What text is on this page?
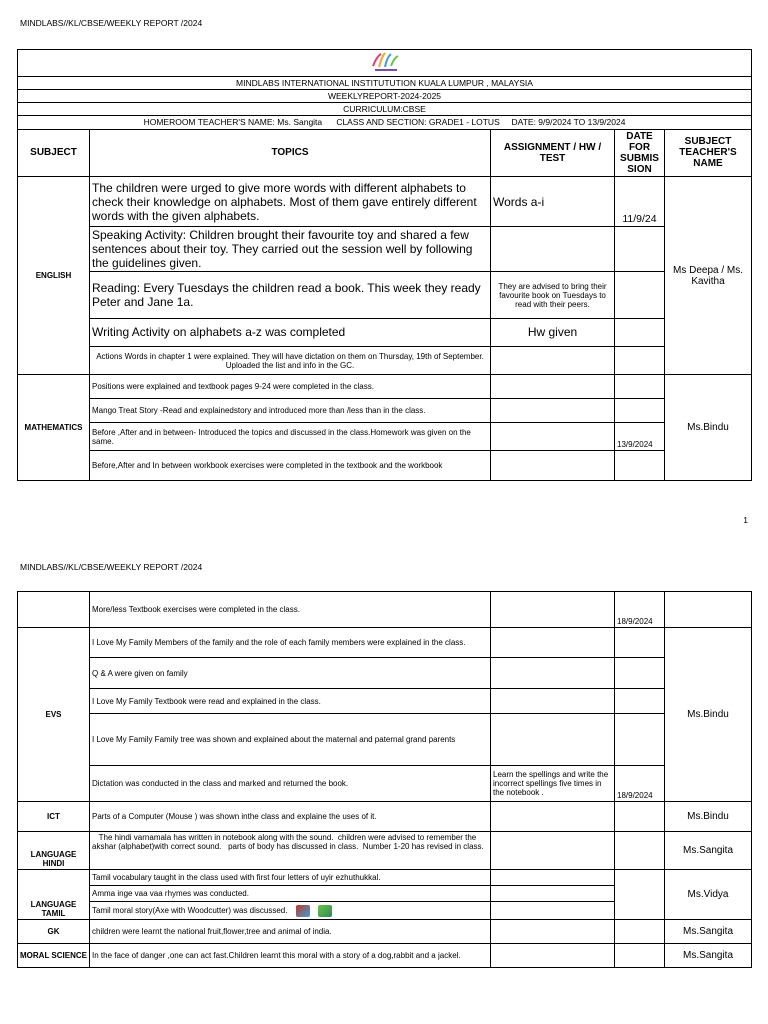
MINDLABS//KL/CBSE/WEEKLY REPORT /2024

MINDLABS INTERNATIONAL INSTITUTUTION KUALA LUMPUR , MALAYSIA				
WEEKLYREPORT-2024-2025				
CURRICULUM:CBSE				
HOMEROOM TEACHER'S NAME: Ms. Sangita      CLASS AND SECTION: GRADE1 - LOTUS     DATE: 9/9/2024 TO 13/9/2024				
SUBJECT	TOPICS	ASSIGNMENT / HW / TEST	DATE FOR SUBMIS SION	SUBJECT TEACHER'S NAME
ENGLISH	The children were urged to give more words with different alphabets to check their knowledge on alphabets. Most of them gave entirely different words with the given alphabets.	Words a-i	11/9/24	Ms Deepa / Ms. Kavitha
	Speaking Activity: Children brought their favourite toy and shared a few sentences about their toy. They carried out the session well by following the guidelines given.			
	Reading: Every Tuesdays the children read a book. This week they ready Peter and Jane 1a.	They are advised to bring their favourite book on Tuesdays to read with their peers.		
	Writing Activity on alphabets a-z was completed	Hw given		
	Actions Words in chapter 1 were explained. They will have dictation on them on Thursday, 19th of September. Uploaded the list and info in the GC.			
MATHEMATICS	Positions were explained and textbook pages 9-24 were completed in the class.			Ms.Bindu
	Mango Treat Story -Read and explainedstory and introduced more than /less than in the class.			
	Before ,After and in between- Introduced the topics and discussed in the class.Homework was given on the same.		13/9/2024	
	Before,After and In between workbook exercises were completed in the textbook and the workbook			
1
MINDLABS//KL/CBSE/WEEKLY REPORT /2024
	More/less Textbook exercises were completed in the class.		18/9/2024	
EVS	I Love My Family Members of the family and the role of each family members were explained in the class.			Ms.Bindu
	Q & A were given on family			
	I Love My Family Textbook were read and explained in the class.			
	I Love My Family Family tree was shown and explained about the maternal and paternal grand parents			
	Dictation was conducted in the class and marked and returned the book.	Learn the spellings and write the incorrect spellings five times in the notebook .	18/9/2024	
ICT	Parts of a Computer (Mouse ) was shown inthe class and explaine the uses of it.			Ms.Bindu
LANGUAGE HINDI	The hindi varnamala has written in notebook along with the sound.  children were advised to remember the akshar (alphabet)with correct sound.   parts of body has discussed in class.  Number 1-20 has revised in class.			Ms.Sangita
LANGUAGE TAMIL	Tamil vocabulary taught in the class used with first four letters of uyir ezhuthukkal.			Ms.Vidya
	Amma inge vaa vaa rhymes was conducted.			
	Tamil moral story(Axe with Woodcutter) was discussed.			
GK	children were learnt the national fruit,flower,tree and animal of india.			Ms.Sangita
MORAL SCIENCE	In the face of danger ,one can act fast.Children learnt this moral with a story of a dog,rabbit and a jackel.			Ms.Sangita
